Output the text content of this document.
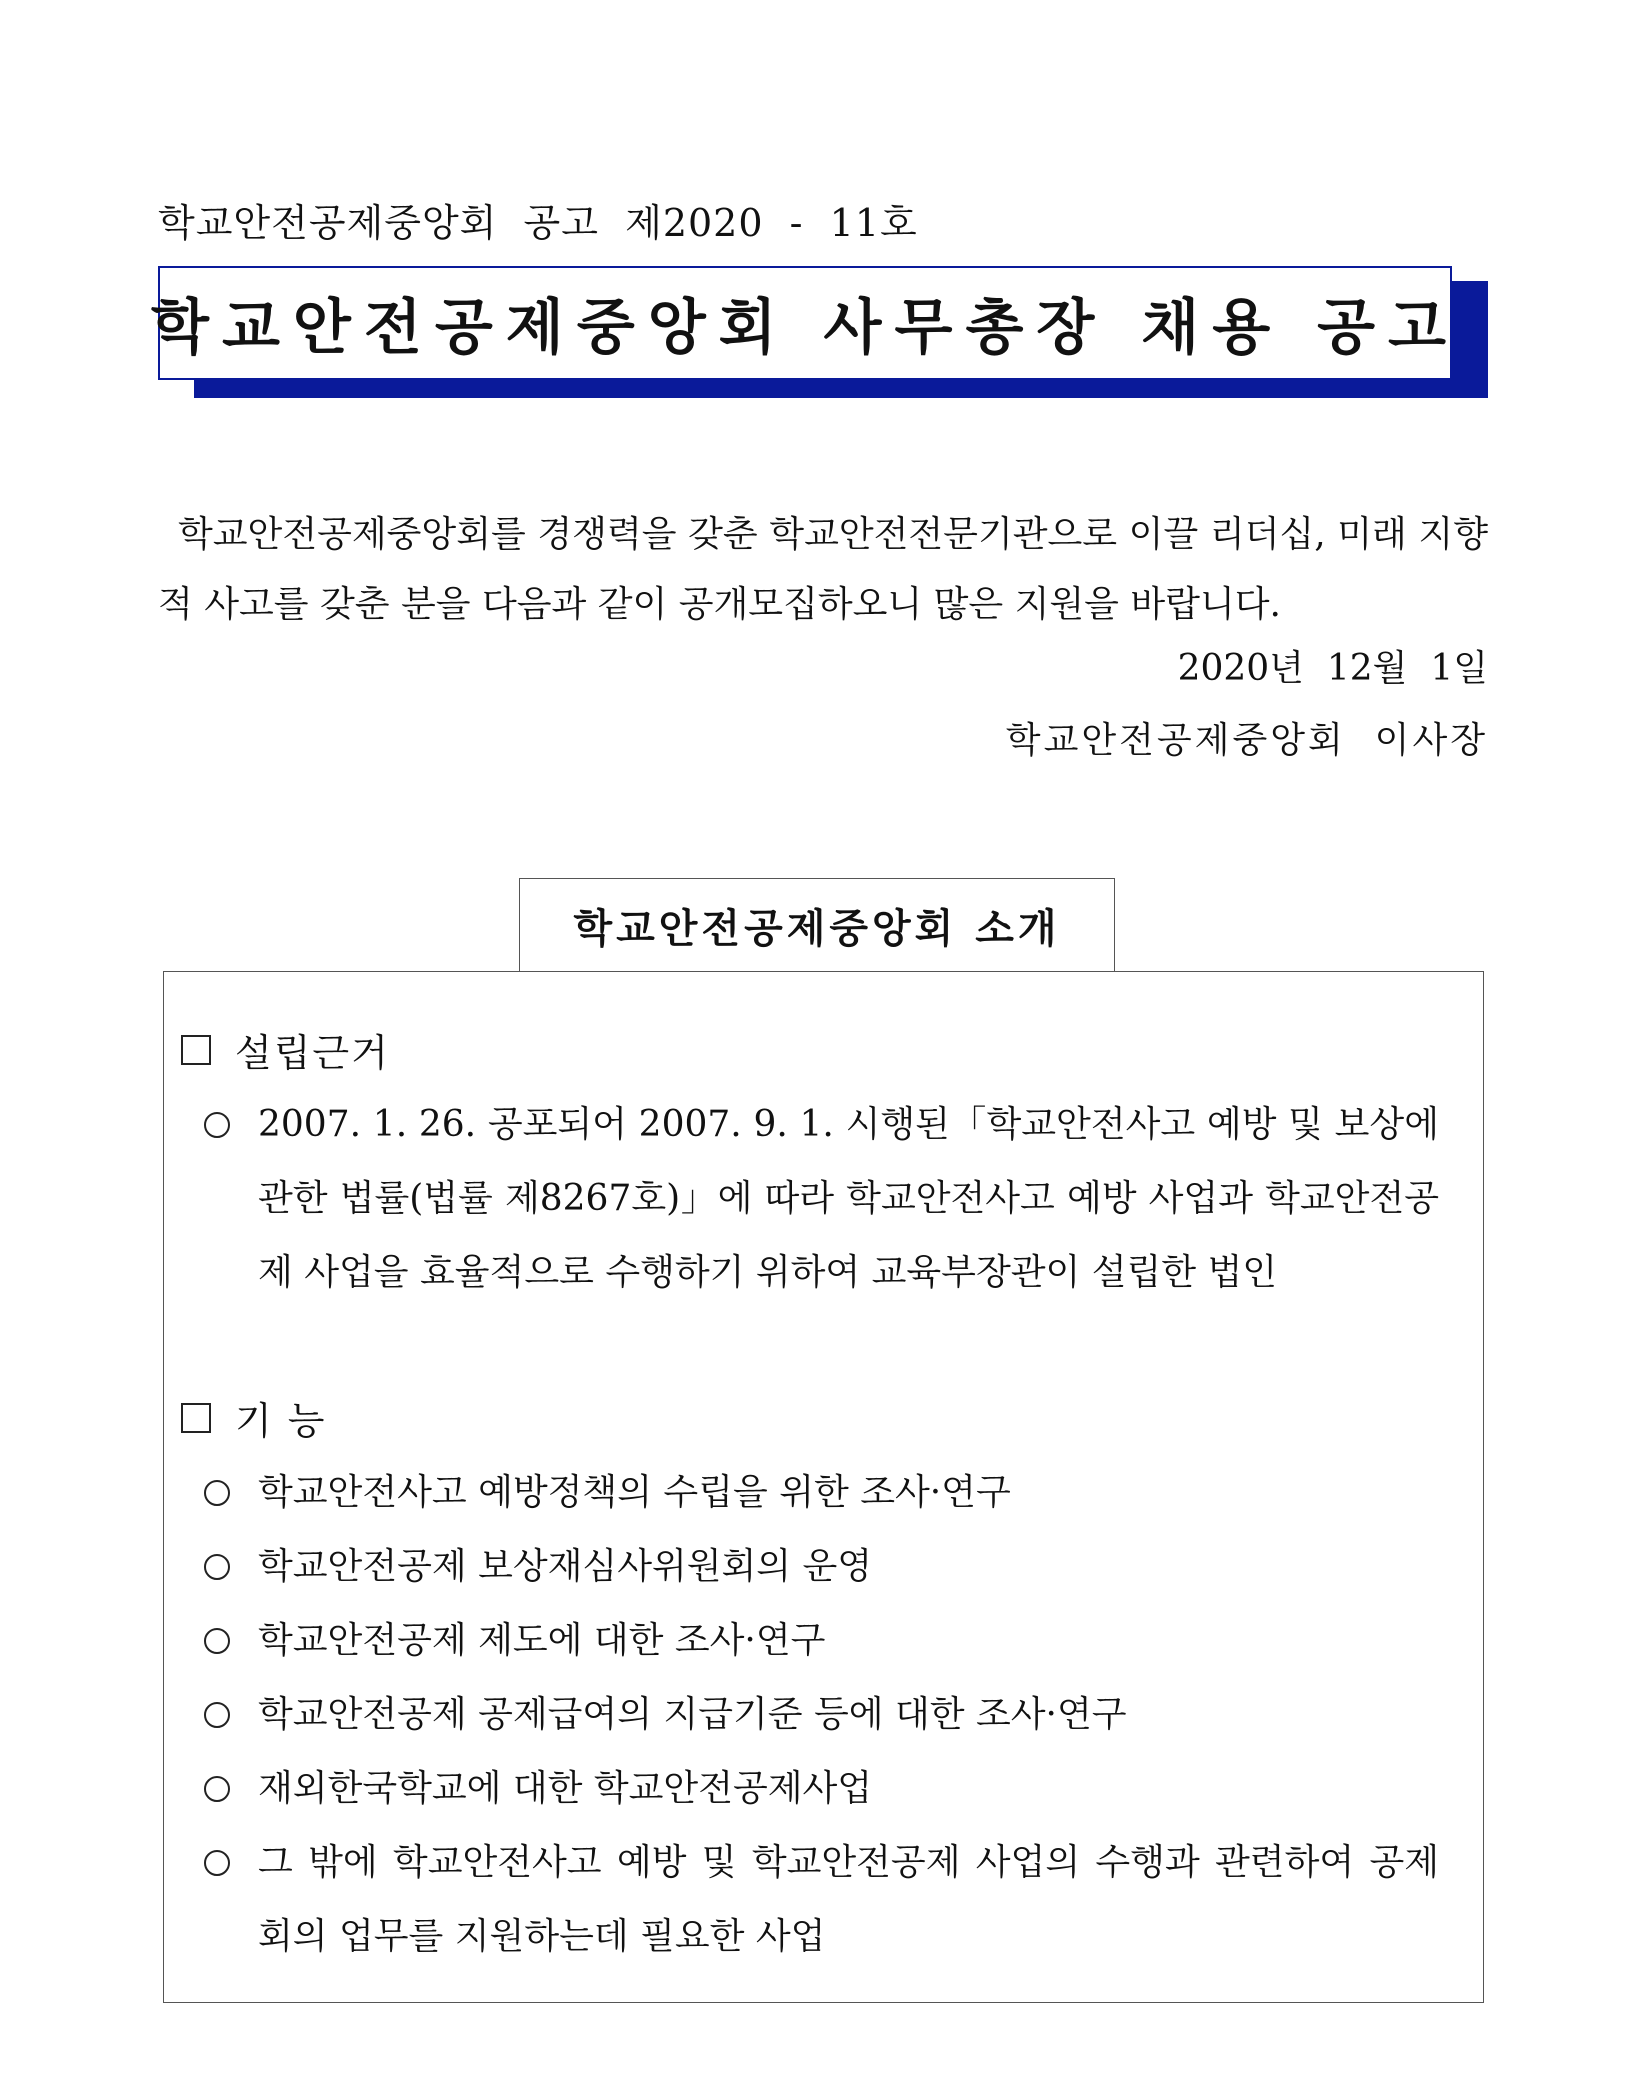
학교안전공제중앙회  공고  제2020  -  11호
학교안전공제중앙회 사무총장 채용 공고
학교안전공제중앙회를 경쟁력을 갖춘 학교안전전문기관으로 이끌 리더십, 미래 지향적 사고를 갖춘 분을 다음과 같이 공개모집하오니 많은 지원을 바랍니다.
2020년  12월  1일
학교안전공제중앙회  이사장
학교안전공제중앙회 소개
설립근거
2007. 1. 26. 공포되어 2007. 9. 1. 시행된「학교안전사고 예방 및 보상에 관한 법률(법률 제8267호)」에 따라 학교안전사고 예방 사업과 학교안전공제 사업을 효율적으로 수행하기 위하여 교육부장관이 설립한 법인
기 능
학교안전사고 예방정책의 수립을 위한 조사·연구
학교안전공제 보상재심사위원회의 운영
학교안전공제 제도에 대한 조사·연구
학교안전공제 공제급여의 지급기준 등에 대한 조사·연구
재외한국학교에 대한 학교안전공제사업
그 밖에 학교안전사고 예방 및 학교안전공제 사업의 수행과 관련하여 공제회의 업무를 지원하는데 필요한 사업
